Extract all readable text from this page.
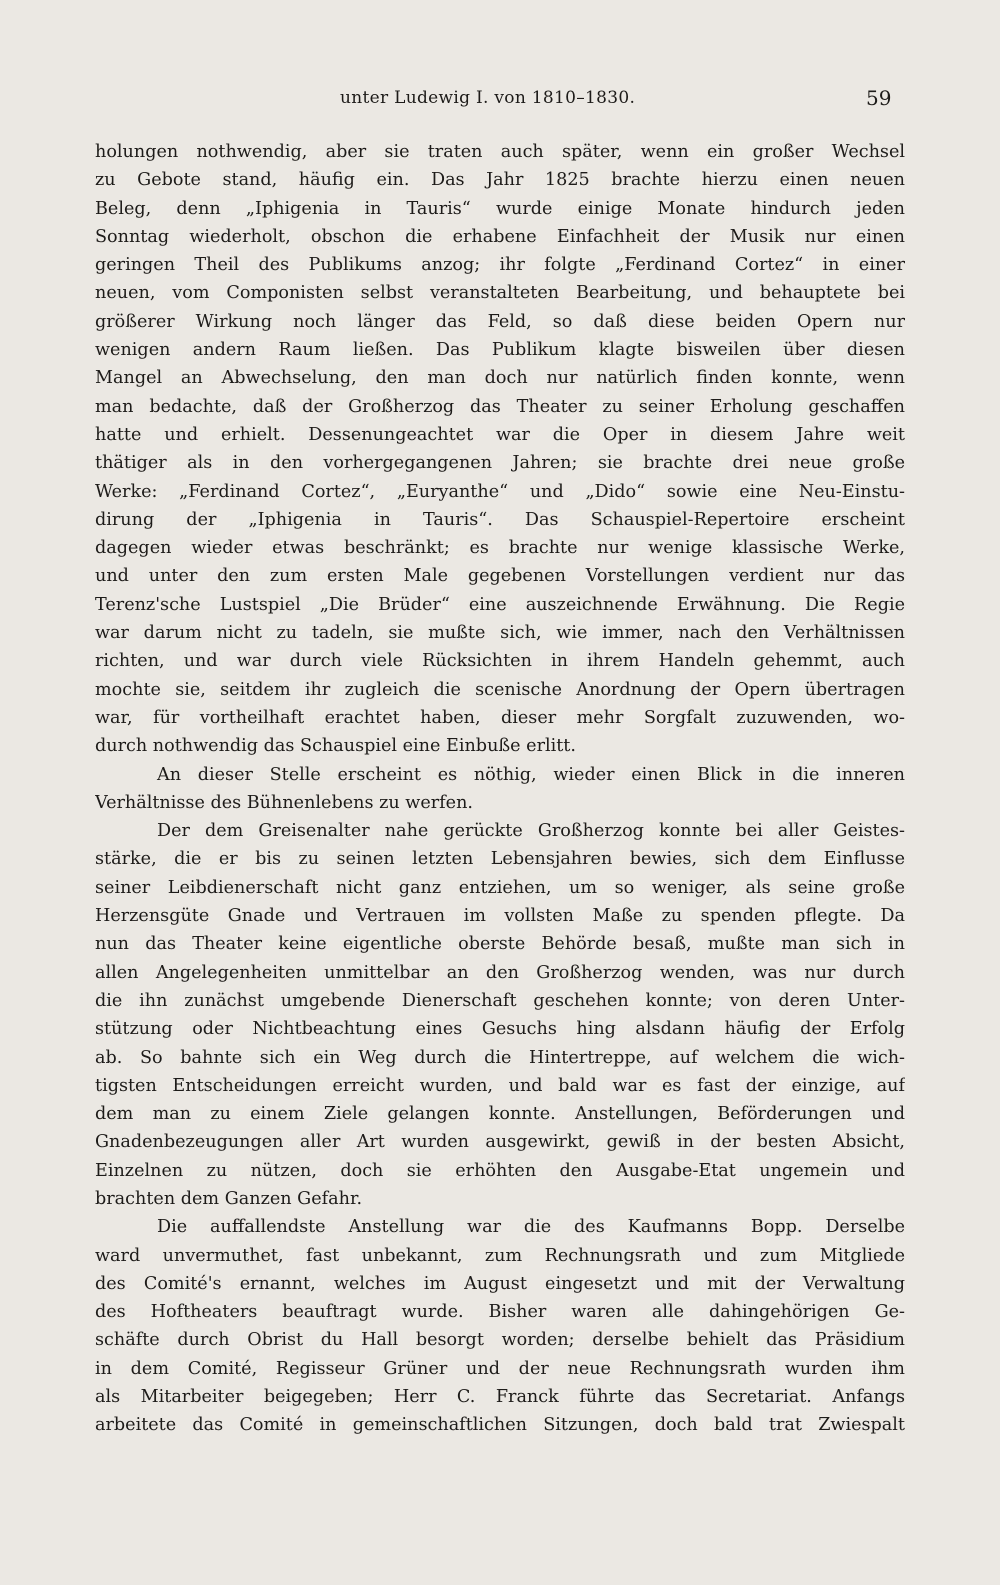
unter Ludewig I. von 1810–1830.	59
holungen nothwendig, aber sie traten auch später, wenn ein großer Wechsel
zu Gebote stand, häufig ein. Das Jahr 1825 brachte hierzu einen neuen
Beleg, denn „Iphigenia in Tauris“ wurde einige Monate hindurch jeden
Sonntag wiederholt, obschon die erhabene Einfachheit der Musik nur einen
geringen Theil des Publikums anzog; ihr folgte „Ferdinand Cortez“ in einer
neuen, vom Componisten selbst veranstalteten Bearbeitung, und behauptete bei
größerer Wirkung noch länger das Feld, so daß diese beiden Opern nur
wenigen andern Raum ließen. Das Publikum klagte bisweilen über diesen
Mangel an Abwechselung, den man doch nur natürlich finden konnte, wenn
man bedachte, daß der Großherzog das Theater zu seiner Erholung geschaffen
hatte und erhielt. Dessenungeachtet war die Oper in diesem Jahre weit
thätiger als in den vorhergegangenen Jahren; sie brachte drei neue große
Werke: „Ferdinand Cortez“, „Euryanthe“ und „Dido“ sowie eine Neu-Einstu-
dirung der „Iphigenia in Tauris“. Das Schauspiel-Repertoire erscheint
dagegen wieder etwas beschränkt; es brachte nur wenige klassische Werke,
und unter den zum ersten Male gegebenen Vorstellungen verdient nur das
Terenz'sche Lustspiel „Die Brüder“ eine auszeichnende Erwähnung. Die Regie
war darum nicht zu tadeln, sie mußte sich, wie immer, nach den Verhältnissen
richten, und war durch viele Rücksichten in ihrem Handeln gehemmt, auch
mochte sie, seitdem ihr zugleich die scenische Anordnung der Opern übertragen
war, für vortheilhaft erachtet haben, dieser mehr Sorgfalt zuzuwenden, wo-
durch nothwendig das Schauspiel eine Einbuße erlitt.
An dieser Stelle erscheint es nöthig, wieder einen Blick in die inneren
Verhältnisse des Bühnenlebens zu werfen.
Der dem Greisenalter nahe gerückte Großherzog konnte bei aller Geistes-
stärke, die er bis zu seinen letzten Lebensjahren bewies, sich dem Einflusse
seiner Leibdienerschaft nicht ganz entziehen, um so weniger, als seine große
Herzensgüte Gnade und Vertrauen im vollsten Maße zu spenden pflegte. Da
nun das Theater keine eigentliche oberste Behörde besaß, mußte man sich in
allen Angelegenheiten unmittelbar an den Großherzog wenden, was nur durch
die ihn zunächst umgebende Dienerschaft geschehen konnte; von deren Unter-
stützung oder Nichtbeachtung eines Gesuchs hing alsdann häufig der Erfolg
ab. So bahnte sich ein Weg durch die Hintertreppe, auf welchem die wich-
tigsten Entscheidungen erreicht wurden, und bald war es fast der einzige, auf
dem man zu einem Ziele gelangen konnte. Anstellungen, Beförderungen und
Gnadenbezeugungen aller Art wurden ausgewirkt, gewiß in der besten Absicht,
Einzelnen zu nützen, doch sie erhöhten den Ausgabe-Etat ungemein und
brachten dem Ganzen Gefahr.
Die auffallendste Anstellung war die des Kaufmanns Bopp. Derselbe
ward unvermuthet, fast unbekannt, zum Rechnungsrath und zum Mitgliede
des Comité's ernannt, welches im August eingesetzt und mit der Verwaltung
des Hoftheaters beauftragt wurde. Bisher waren alle dahingehörigen Ge-
schäfte durch Obrist du Hall besorgt worden; derselbe behielt das Präsidium
in dem Comité, Regisseur Grüner und der neue Rechnungsrath wurden ihm
als Mitarbeiter beigegeben; Herr C. Franck führte das Secretariat. Anfangs
arbeitete das Comité in gemeinschaftlichen Sitzungen, doch bald trat Zwiespalt
